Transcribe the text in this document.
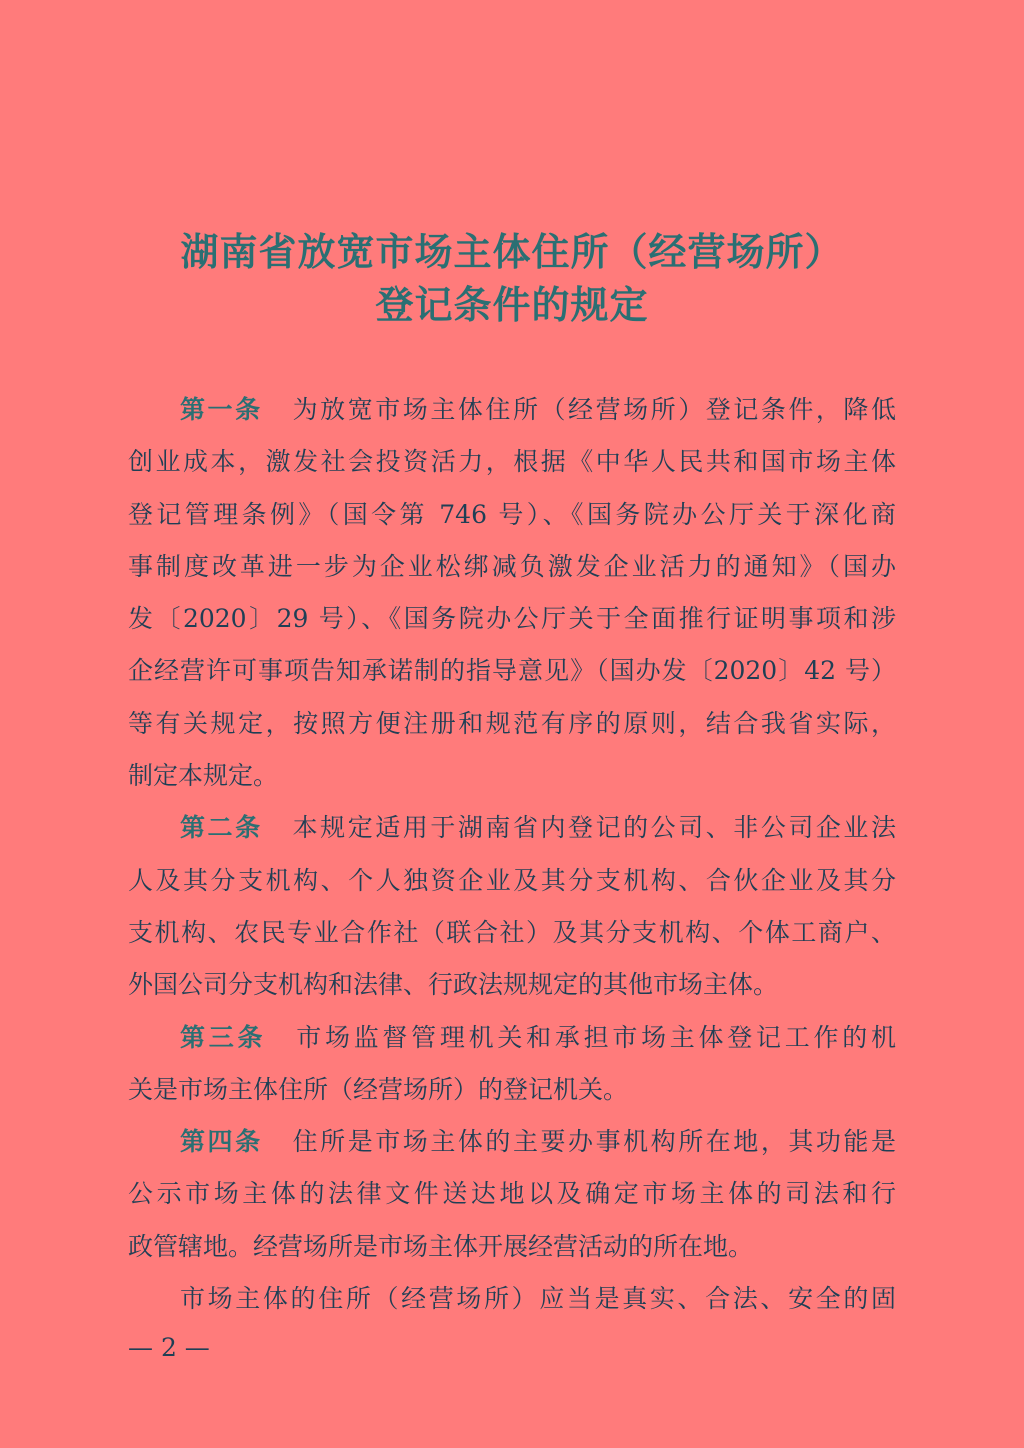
湖南省放宽市场主体住所（经营场所）
登记条件的规定
第一条 为放宽市场主体住所（经营场所）登记条件，降低
创业成本，激发社会投资活力，根据《中华人民共和国市场主体
登记管理条例》（国令第 746 号）、《国务院办公厅关于深化商
事制度改革进一步为企业松绑减负激发企业活力的通知》（国办
发〔2020〕29 号）、《国务院办公厅关于全面推行证明事项和涉
企经营许可事项告知承诺制的指导意见》（国办发〔2020〕42 号）
等有关规定，按照方便注册和规范有序的原则，结合我省实际，
制定本规定。
第二条 本规定适用于湖南省内登记的公司、非公司企业法
人及其分支机构、个人独资企业及其分支机构、合伙企业及其分
支机构、农民专业合作社（联合社）及其分支机构、个体工商户、
外国公司分支机构和法律、行政法规规定的其他市场主体。
第三条 市场监督管理机关和承担市场主体登记工作的机
关是市场主体住所（经营场所）的登记机关。
第四条 住所是市场主体的主要办事机构所在地，其功能是
公示市场主体的法律文件送达地以及确定市场主体的司法和行
政管辖地。经营场所是市场主体开展经营活动的所在地。
市场主体的住所（经营场所）应当是真实、合法、安全的固
— 2 —
